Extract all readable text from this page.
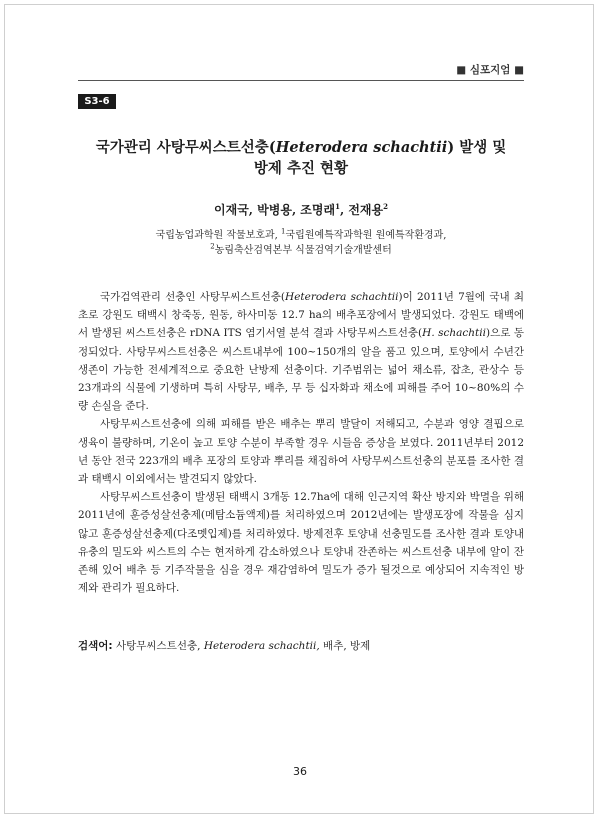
■ 심포지엄 ■
S3-6
국가관리 사탕무씨스트선충(Heterodera schachtii) 발생 및
방제 추진 현황
이재국, 박병용, 조명래$^1$, 전재용$^2$
국립농업과학원 작물보호과, $^1$국립원예특작과학원 원예특작환경과,
$^2$농림축산검역본부 식물검역기술개발센터

국가검역관리 선충인 사탕무씨스트선충(Heterodera schachtii)이 2011년 7월에 국내 최초로 강원도 태백시 창죽동, 원동, 하사미동 12.7 ha의 배추포장에서 발생되었다. 강원도 태백에서 발생된 씨스트선충은 rDNA ITS 염기서열 분석 결과 사탕무씨스트선충(H. schachtii)으로 동정되었다. 사탕무씨스트선충은 씨스트내부에 100~150개의 알을 품고 있으며, 토양에서 수년간 생존이 가능한 전세계적으로 중요한 난방제 선충이다. 기주범위는 넓어 채소류, 잡초, 관상수 등 23개과의 식물에 기생하며 특히 사탕무, 배추, 무 등 십자화과 채소에 피해를 주어 10~80%의 수량 손실을 준다.

사탕무씨스트선충에 의해 피해를 받은 배추는 뿌리 발달이 저해되고, 수분과 영양 결핍으로 생육이 불량하며, 기온이 높고 토양 수분이 부족할 경우 시들음 증상을 보였다. 2011년부터 2012년 동안 전국 223개의 배추 포장의 토양과 뿌리를 채집하여 사탕무씨스트선충의 분포를 조사한 결과 태백시 이외에서는 발견되지 않았다.

사탕무씨스트선충이 발생된 태백시 3개동 12.7ha에 대해 인근지역 확산 방지와 박멸을 위해 2011년에 훈증성살선충제(메탐소듐액제)를 처리하였으며 2012년에는 발생포장에 작물을 심지 않고 훈증성살선충제(다조멧입제)를 처리하였다. 방제전후 토양내 선충밀도를 조사한 결과 토양내 유충의 밀도와 씨스트의 수는 현저하게 감소하였으나 토양내 잔존하는 씨스트선충 내부에 알이 잔존해 있어 배추 등 기주작물을 심을 경우 재감염하여 밀도가 증가 될것으로 예상되어 지속적인 방제와 관리가 필요하다.

검색어: 사탕무씨스트선충, Heterodera schachtii, 배추, 방제
36
